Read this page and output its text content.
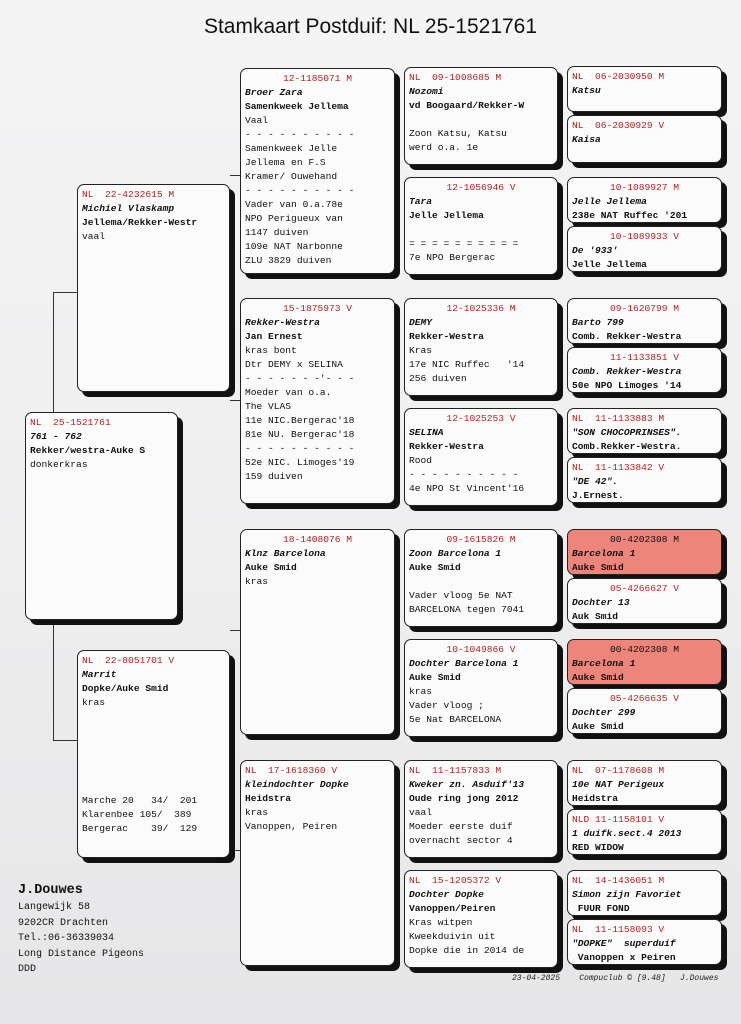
Stamkaart Postduif: NL 25-1521761
NL  25-1521761
761 - 762
Rekker/westra-Auke S
donkerkras
NL  22-4232615 M
Michiel Vlaskamp
Jellema/Rekker-Westr
vaal
NL  22-8051701 V
Marrit
Dopke/Auke Smid
kras
Marche 20   34/  201
Klarenbee 105/  389
Bergerac    39/  129
12-1185071 M
Broer Zara
Samenkweek Jellema
Vaal
- - - - - - - - - -
Samenkweek Jelle
Jellema en F.S
Kramer/ Ouwehand
- - - - - - - - - -
Vader van 0.a.78e
NPO Perigueux van
1147 duiven
109e NAT Narbonne
ZLU 3829 duiven
15-1875973 V
Rekker-Westra
Jan Ernest
kras bont
Dtr DEMY x SELINA
- - - - - - -'- - -
Moeder van o.a.
The VLAS
11e NIC.Bergerac'18
81e NU. Bergerac'18
- - - - - - - - - -
52e NIC. Limoges'19
159 duiven
18-1408076 M
Klnz Barcelona
Auke Smid
kras
NL  17-1618360 V
kleindochter Dopke
Heidstra
kras
Vanoppen, Peiren
NL  09-1008685 M
Nozomi
vd Boogaard/Rekker-W
Zoon Katsu, Katsu
werd o.a. 1e
12-1056946 V
Tara
Jelle Jellema
= = = = = = = = = =
7e NPO Bergerac
12-1025336 M
DEMY
Rekker-Westra
Kras
17e NIC Ruffec   '14
256 duiven
12-1025253 V
SELINA
Rekker-Westra
Rood
- - - - - - - - - -
4e NPO St Vincent'16
09-1615826 M
Zoon Barcelona 1
Auke Smid
Vader vloog 5e NAT
BARCELONA tegen 7041
10-1049866 V
Dochter Barcelona 1
Auke Smid
kras
Vader vloog ;
5e Nat BARCELONA
NL  11-1157833 M
Kweker zn. Asduif'13
Oude ring jong 2012
vaal
Moeder eerste duif
overnacht sector 4
NL  15-1205372 V
Dochter Dopke
Vanoppen/Peiren
Kras witpen
Kweekduivin uit
Dopke die in 2014 de
NL  06-2030950 M
Katsu
NL  06-2030929 V
Kaisa
10-1089927 M
Jelle Jellema
238e NAT Ruffec '201
10-1089933 V
De '933'
Jelle Jellema
09-1620799 M
Barto 799
Comb. Rekker-Westra
11-1133851 V
Comb. Rekker-Westra
50e NPO Limoges '14
NL  11-1133883 M
"SON CHOCOPRINSES".
Comb.Rekker-Westra.
NL  11-1133842 V
"DE 42".
J.Ernest.
00-4202308 M
Barcelona 1
Auke Smid
05-4266627 V
Dochter 13
Auk Smid
00-4202308 M
Barcelona 1
Auke Smid
05-4266635 V
Dochter 299
Auke Smid
NL  07-1178608 M
10e NAT Perigeux
Heidstra
NLD 11-1158101 V
1 duifk.sect.4 2013
RED WIDOW
NL  14-1436051 M
Simon zijn Favoriet
FUUR FOND
NL  11-1158093 V
"DOPKE"  superduif
Vanoppen x Peiren
J.Douwes
Langewijk 58
9202CR Drachten
Tel.:06-36339034
Long Distance Pigeons
DDD
23-04-2025    Compuclub © [9.48]   J.Douwes
